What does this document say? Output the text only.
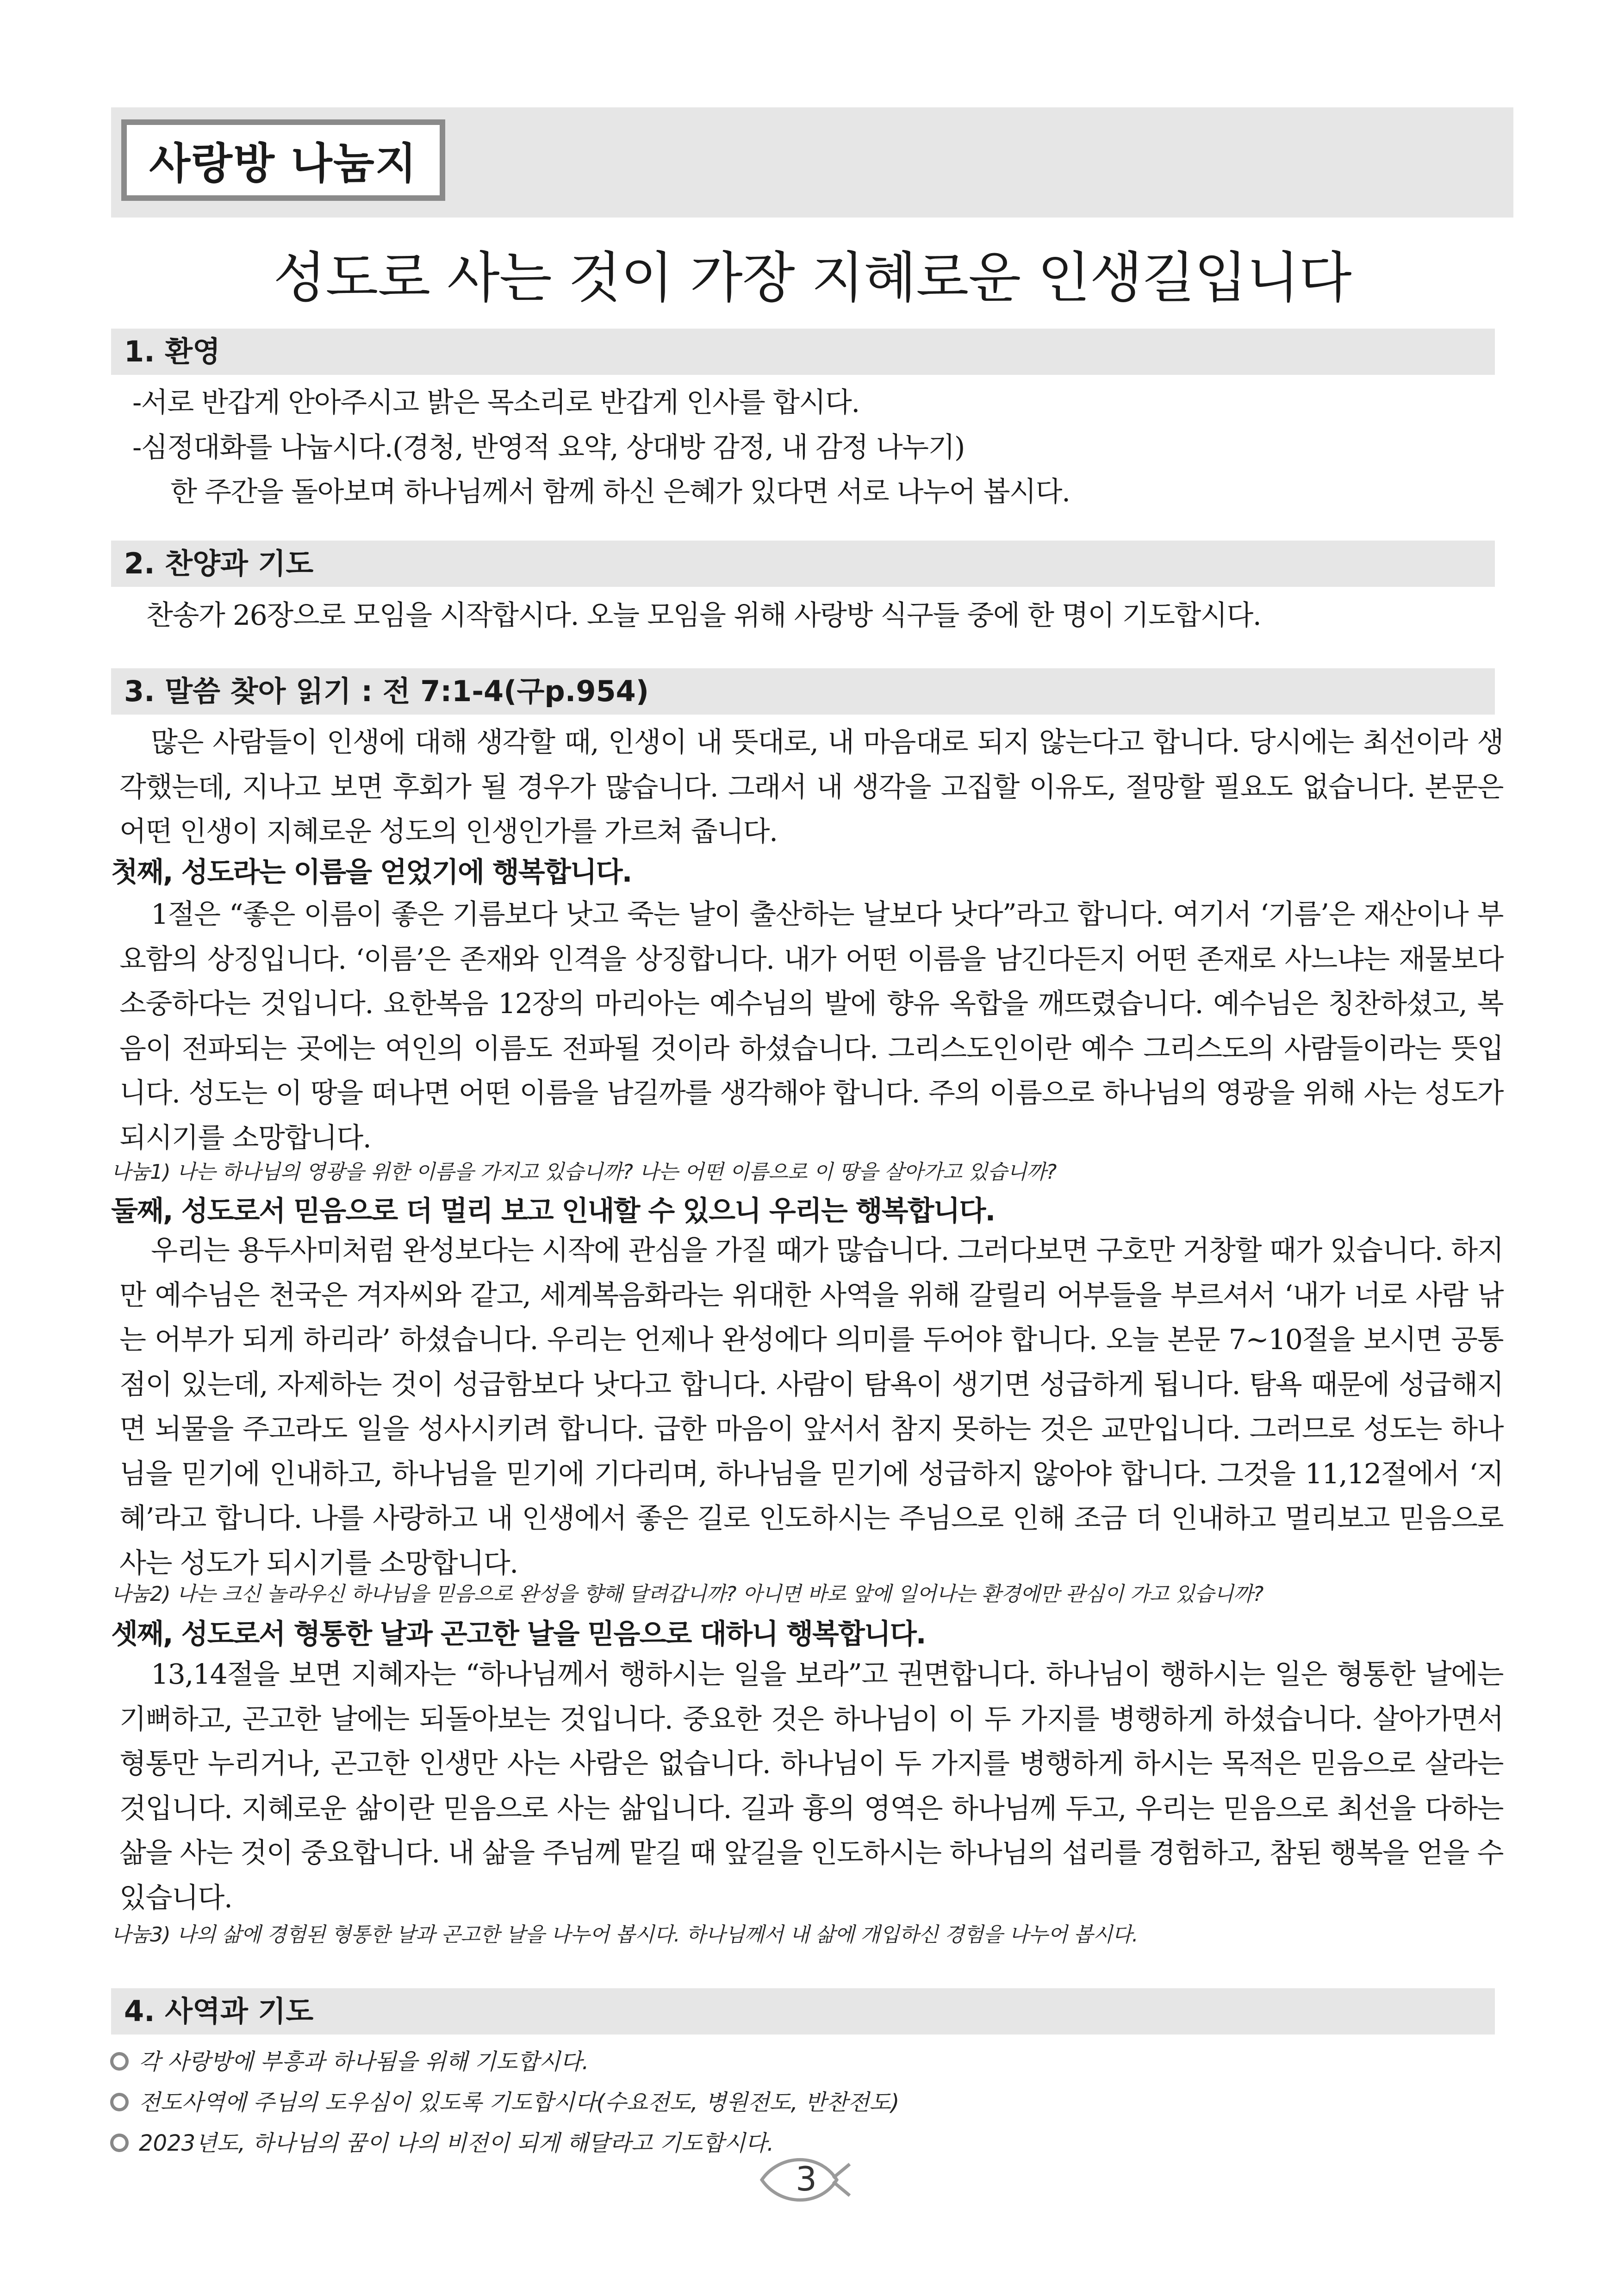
사랑방 나눔지
성도로 사는 것이 가장 지혜로운 인생길입니다
1. 환영

-서로 반갑게 안아주시고 밝은 목소리로 반갑게 인사를 합시다.

-심정대화를 나눕시다.(경청, 반영적 요약, 상대방 감정, 내 감정 나누기)

한 주간을 돌아보며 하나님께서 함께 하신 은혜가 있다면 서로 나누어 봅시다.

2. 찬양과 기도

찬송가 26장으로 모임을 시작합시다. 오늘 모임을 위해 사랑방 식구들 중에 한 명이 기도합시다.

3. 말씀 찾아 읽기 : 전 7:1-4(구p.954)

많은 사람들이 인생에 대해 생각할 때, 인생이 내 뜻대로, 내 마음대로 되지 않는다고 합니다. 당시에는 최선이라 생각했는데, 지나고 보면 후회가 될 경우가 많습니다. 그래서 내 생각을 고집할 이유도, 절망할 필요도 없습니다. 본문은 어떤 인생이 지혜로운 성도의 인생인가를 가르쳐 줍니다.

첫째, 성도라는 이름을 얻었기에 행복합니다.

1절은 “좋은 이름이 좋은 기름보다 낫고 죽는 날이 출산하는 날보다 낫다”라고 합니다. 여기서 ‘기름’은 재산이나 부요함의 상징입니다. ‘이름’은 존재와 인격을 상징합니다. 내가 어떤 이름을 남긴다든지 어떤 존재로 사느냐는 재물보다 소중하다는 것입니다. 요한복음 12장의 마리아는 예수님의 발에 향유 옥합을 깨뜨렸습니다. 예수님은 칭찬하셨고, 복음이 전파되는 곳에는 여인의 이름도 전파될 것이라 하셨습니다. 그리스도인이란 예수 그리스도의 사람들이라는 뜻입니다. 성도는 이 땅을 떠나면 어떤 이름을 남길까를 생각해야 합니다. 주의 이름으로 하나님의 영광을 위해 사는 성도가 되시기를 소망합니다.

나눔1) 나는 하나님의 영광을 위한 이름을 가지고 있습니까? 나는 어떤 이름으로 이 땅을 살아가고 있습니까?
둘째, 성도로서 믿음으로 더 멀리 보고 인내할 수 있으니 우리는 행복합니다.

우리는 용두사미처럼 완성보다는 시작에 관심을 가질 때가 많습니다. 그러다보면 구호만 거창할 때가 있습니다. 하지만 예수님은 천국은 겨자씨와 같고, 세계복음화라는 위대한 사역을 위해 갈릴리 어부들을 부르셔서 ‘내가 너로 사람 낚는 어부가 되게 하리라’ 하셨습니다. 우리는 언제나 완성에다 의미를 두어야 합니다. 오늘 본문 7~10절을 보시면 공통점이 있는데, 자제하는 것이 성급함보다 낫다고 합니다. 사람이 탐욕이 생기면 성급하게 됩니다. 탐욕 때문에 성급해지면 뇌물을 주고라도 일을 성사시키려 합니다. 급한 마음이 앞서서 참지 못하는 것은 교만입니다. 그러므로 성도는 하나님을 믿기에 인내하고, 하나님을 믿기에 기다리며, 하나님을 믿기에 성급하지 않아야 합니다. 그것을 11,12절에서 ‘지혜’라고 합니다. 나를 사랑하고 내 인생에서 좋은 길로 인도하시는 주님으로 인해 조금 더 인내하고 멀리보고 믿음으로 사는 성도가 되시기를 소망합니다.

나눔2) 나는 크신 놀라우신 하나님을 믿음으로 완성을 향해 달려갑니까? 아니면 바로 앞에 일어나는 환경에만 관심이 가고 있습니까?
셋째, 성도로서 형통한 날과 곤고한 날을 믿음으로 대하니 행복합니다.

13,14절을 보면 지혜자는 “하나님께서 행하시는 일을 보라”고 권면합니다. 하나님이 행하시는 일은 형통한 날에는 기뻐하고, 곤고한 날에는 되돌아보는 것입니다. 중요한 것은 하나님이 이 두 가지를 병행하게 하셨습니다. 살아가면서 형통만 누리거나, 곤고한 인생만 사는 사람은 없습니다. 하나님이 두 가지를 병행하게 하시는 목적은 믿음으로 살라는 것입니다. 지혜로운 삶이란 믿음으로 사는 삶입니다. 길과 흉의 영역은 하나님께 두고, 우리는 믿음으로 최선을 다하는 삶을 사는 것이 중요합니다. 내 삶을 주님께 맡길 때 앞길을 인도하시는 하나님의 섭리를 경험하고, 참된 행복을 얻을 수 있습니다.

나눔3) 나의 삶에 경험된 형통한 날과 곤고한 날을 나누어 봅시다. 하나님께서 내 삶에 개입하신 경험을 나누어 봅시다.
4. 사역과 기도
각 사랑방에 부흥과 하나됨을 위해 기도합시다.
전도사역에 주님의 도우심이 있도록 기도합시다(수요전도, 병원전도, 반찬전도)
2023년도, 하나님의 꿈이 나의 비전이 되게 해달라고 기도합시다.
3
